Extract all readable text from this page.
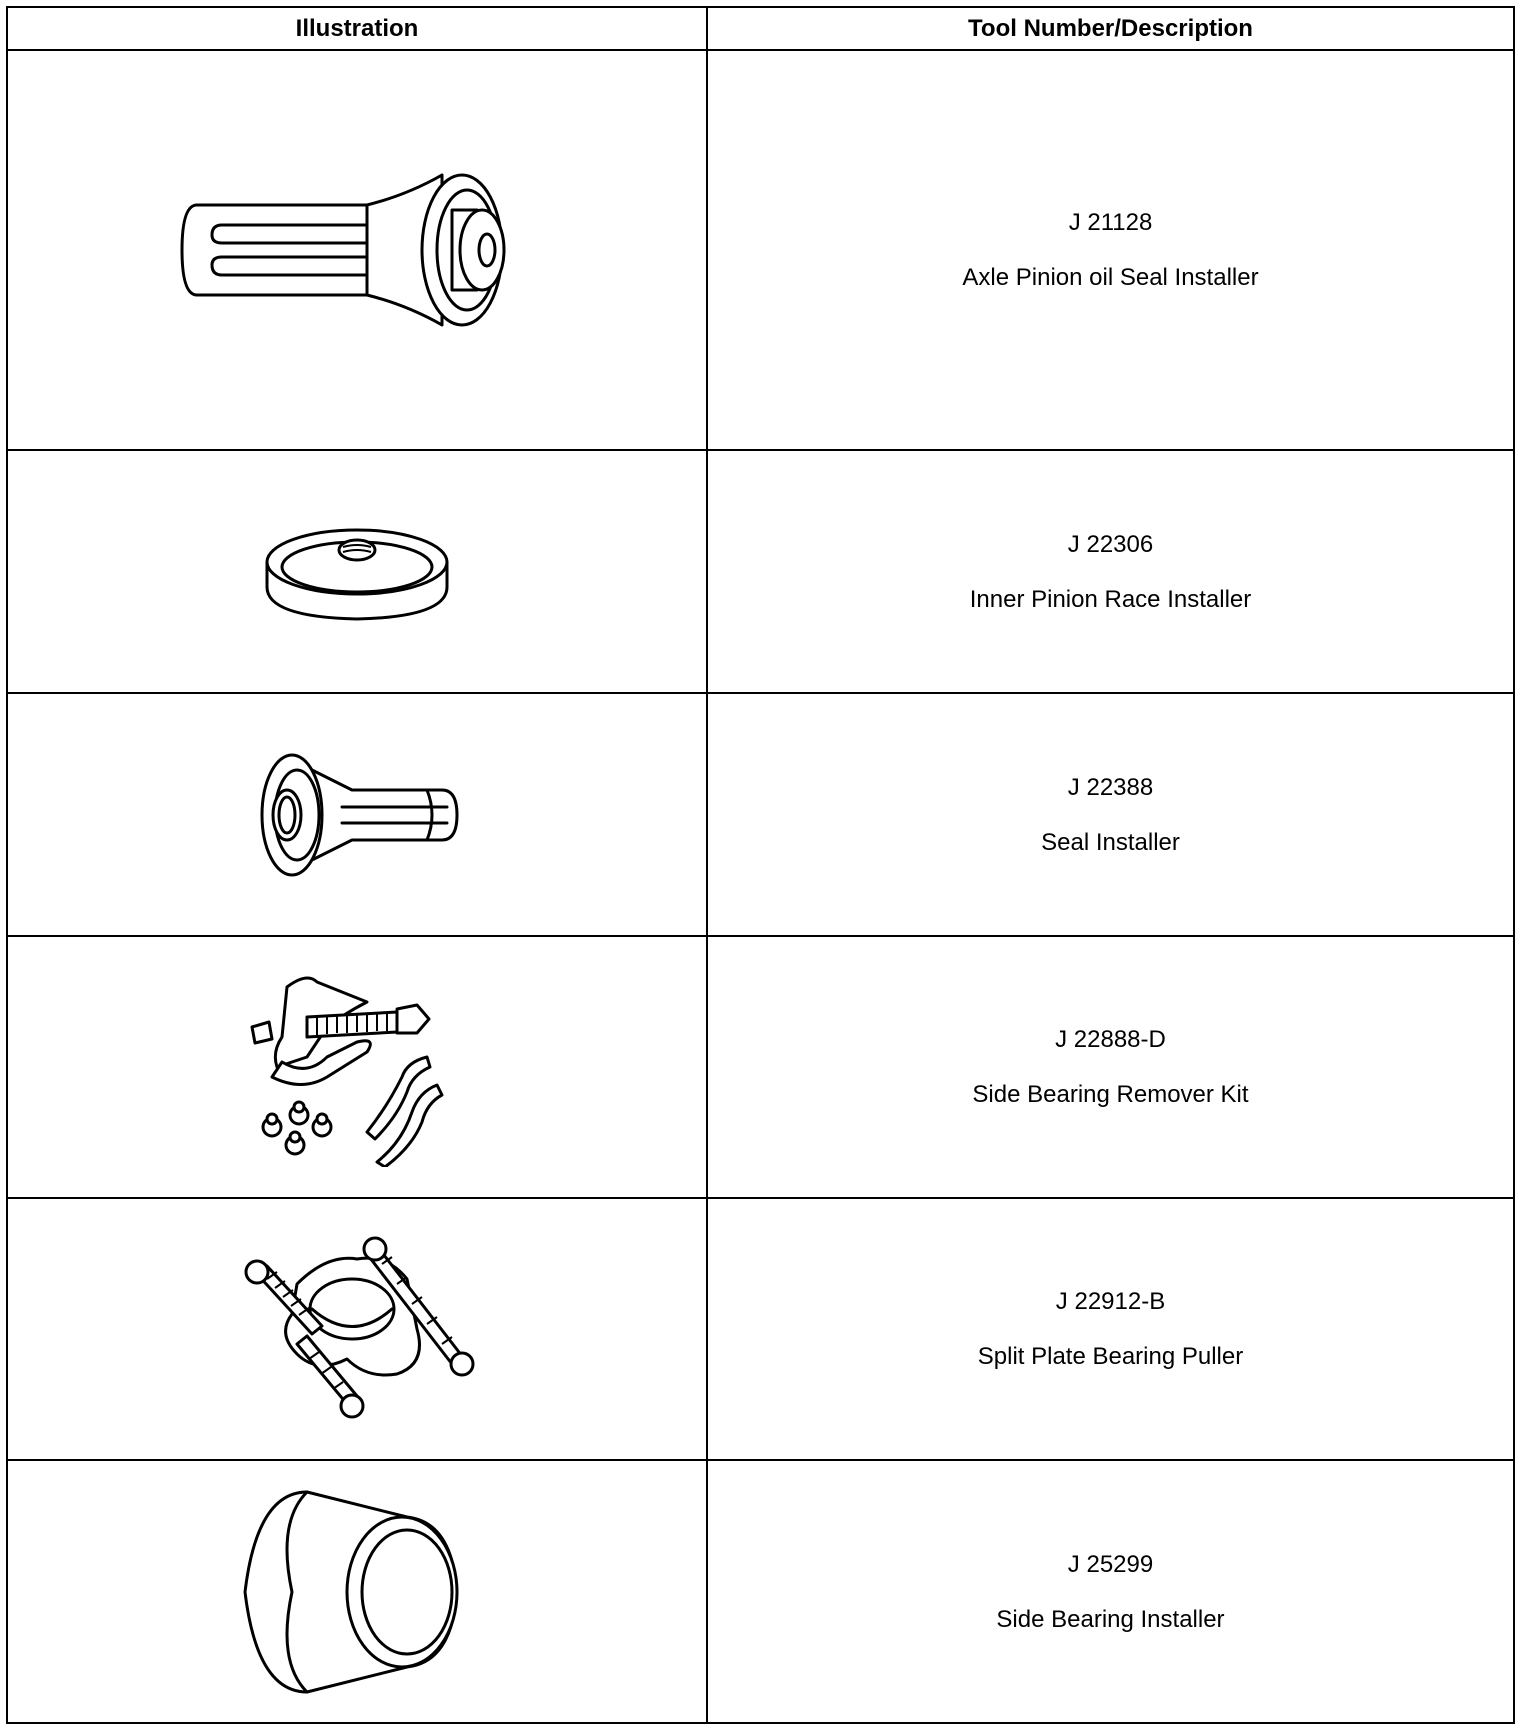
Illustration	Tool Number/Description

J 21128
Axle Pinion oil Seal Installer

J 22306
Inner Pinion Race Installer

J 22388
Seal Installer

J 22888-D
Side Bearing Remover Kit

J 22912-B
Split Plate Bearing Puller

J 25299
Side Bearing Installer
